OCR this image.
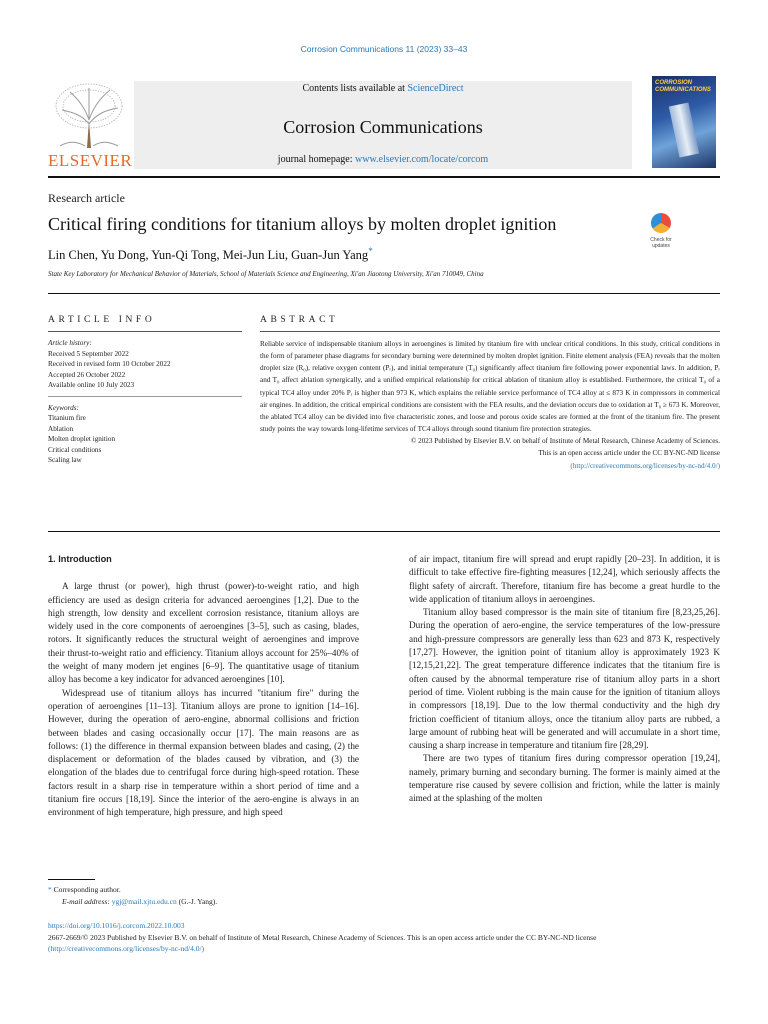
Corrosion Communications 11 (2023) 33–43
ELSEVIER
Contents lists available at ScienceDirect
Corrosion Communications
journal homepage: www.elsevier.com/locate/corcom
CORROSION
COMMUNICATIONS
Research article
Critical firing conditions for titanium alloys by molten droplet ignition
Check for
updates
Lin Chen, Yu Dong, Yun-Qi Tong, Mei-Jun Liu, Guan-Jun Yang*
State Key Laboratory for Mechanical Behavior of Materials, School of Materials Science and Engineering, Xi'an Jiaotong University, Xi'an 710049, China
ARTICLE INFO	ABSTRACT
Article history:
Received 5 September 2022
Received in revised form 10 October 2022
Accepted 26 October 2022
Available online 10 July 2023
Keywords:
Titanium fire
Ablation
Molten droplet ignition
Critical conditions
Scaling law
Reliable service of indispensable titanium alloys in aeroengines is limited by titanium fire with unclear critical conditions. In this study, critical conditions in the form of parameter phase diagrams for secondary burning were determined by molten droplet ignition. Finite element analysis (FEA) reveals that the molten droplet size (R₀), relative oxygen content (Pᵣ), and initial temperature (T₀) significantly affect titanium fire following power exponential laws. In addition, Pᵣ and T₀ affect ablation synergically, and a unified empirical relationship for critical ablation of titanium alloy is established. Furthermore, the critical T₀ of a typical TC4 alloy under 20% Pᵣ is higher than 973 K, which explains the reliable service performance of TC4 alloy at ≤ 873 K in compressors in commerical air engines. In addition, the critical empirical conditions are consistent with the FEA results, and the deviation occurs due to oxidation at T₀ ≥ 673 K. Moreover, the ablated TC4 alloy can be divided into five characteristic zones, and loose and porous oxide scales are formed at the front of the titanium fire. The present study points the way towards long-lifetime services of TC4 alloys through sound titanium fire protection strategies.
© 2023 Published by Elsevier B.V. on behalf of Institute of Metal Research, Chinese Academy of Sciences.
This is an open access article under the CC BY-NC-ND license
(http://creativecommons.org/licenses/by-nc-nd/4.0/)
1. Introduction

A large thrust (or power), high thrust (power)-to-weight ratio, and high efficiency are used as design criteria for advanced aeroengines [1,2]. Due to the high strength, low density and excellent corrosion resistance, titanium alloys are widely used in the core components of aeroengines [3–5], such as casing, blades, rotors. It significantly reduces the structural weight of aeroengines and improve their thrust-to-weight ratio and efficiency. Titanium alloys account for 25%–40% of the weight of many modern jet engines [6–9]. The quantitative usage of titanium alloy has become a key indicator for advanced aeroengines [10].

Widespread use of titanium alloys has incurred "titanium fire" during the operation of aeroengines [11–13]. Titanium alloys are prone to ignition [14–16]. However, during the operation of aero-engine, abnormal collisions and friction between blades and casing occasionally occur [17]. The main reasons are as follows: (1) the difference in thermal expansion between blades and casing, (2) the displacement or deformation of the blades caused by vibration, and (3) the elongation of the blades due to centrifugal force during high-speed rotation. These factors result in a sharp rise in temperature within a short period of time and a titanium fire occurs [18,19]. Since the interior of the aero-engine is always in an environment of high temperature, high pressure, and high speed

of air impact, titanium fire will spread and erupt rapidly [20–23]. In addition, it is difficult to take effective fire-fighting measures [12,24], which seriously affects the flight safety of aircraft. Therefore, titanium fire has become a great hurdle to the wide application of titanium alloys in aeroengines.

Titanium alloy based compressor is the main site of titanium fire [8,23,25,26]. During the operation of aero-engine, the service temperatures of the low-pressure and high-pressure compressors are generally less than 623 and 873 K, respectively [17,27]. However, the ignition point of titanium alloy is approximately 1923 K [12,15,21,22]. The great temperature difference indicates that the titanium fire is often caused by the abnormal temperature rise of titanium alloy parts in a short period of time. Violent rubbing is the main cause for the ignition of titanium alloys in compressors [18,19]. Due to the low thermal conductivity and the high dry friction coefficient of titanium alloys, once the titanium alloy parts are rubbed, a large amount of rubbing heat will be generated and will accumulate in a short time, causing a sharp increase in temperature and titanium fire [28,29].

There are two types of titanium fires during compressor operation [19,24], namely, primary burning and secondary burning. The former is mainly aimed at the temperature rise caused by severe collision and friction, while the latter is mainly aimed at the splashing of the molten

* Corresponding author.
E-mail address: ygj@mail.xjtu.edu.cn (G.-J. Yang).
https://doi.org/10.1016/j.corcom.2022.10.003
2667-2669/© 2023 Published by Elsevier B.V. on behalf of Institute of Metal Research, Chinese Academy of Sciences. This is an open access article under the CC BY-NC-ND license (http://creativecommons.org/licenses/by-nc-nd/4.0/)
